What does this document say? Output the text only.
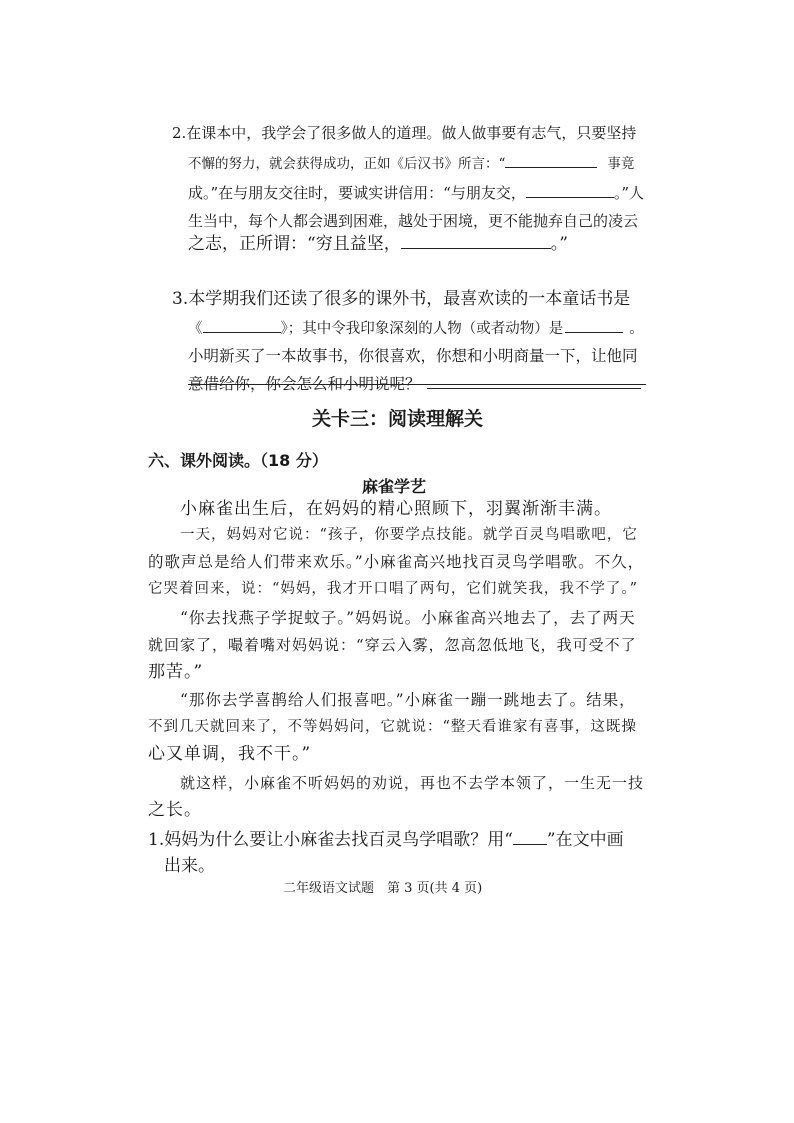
2.在课本中，我学会了很多做人的道理。做人做事要有志气，只要坚持
不懈的努力，就会获得成功，正如《后汉书》所言：“	事竟
成。”在与朋友交往时，要诚实讲信用：“与朋友交，	。”人
生当中，每个人都会遇到困难，越处于困境，更不能抛弃自己的凌云
之志，正所谓：“穷且益坚，	。”
3.本学期我们还读了很多的课外书，最喜欢读的一本童话书是
《	》；其中令我印象深刻的人物（或者动物）是	。
小明新买了一本故事书，你很喜欢，你想和小明商量一下，让他同
意借给你，你会怎么和小明说呢？
关卡三：阅读理解关
六、课外阅读。（18 分）
麻雀学艺
小麻雀出生后，在妈妈的精心照顾下，羽翼渐渐丰满。
一天，妈妈对它说：“孩子，你要学点技能。就学百灵鸟唱歌吧，它
的歌声总是给人们带来欢乐。”小麻雀高兴地找百灵鸟学唱歌。不久，
它哭着回来，说：“妈妈，我才开口唱了两句，它们就笑我，我不学了。”
“你去找燕子学捉蚊子。”妈妈说。小麻雀高兴地去了，去了两天
就回家了，嘬着嘴对妈妈说：“穿云入雾，忽高忽低地飞，我可受不了
那苦。”
“那你去学喜鹊给人们报喜吧。”小麻雀一蹦一跳地去了。结果，
不到几天就回来了，不等妈妈问，它就说：“整天看谁家有喜事，这既操
心又单调，我不干。”
就这样，小麻雀不听妈妈的劝说，再也不去学本领了，一生无一技
之长。
1.妈妈为什么要让小麻雀去找百灵鸟学唱歌？用“ ”在文中画
出来。
二年级语文试题　第 3 页(共 4 页)
